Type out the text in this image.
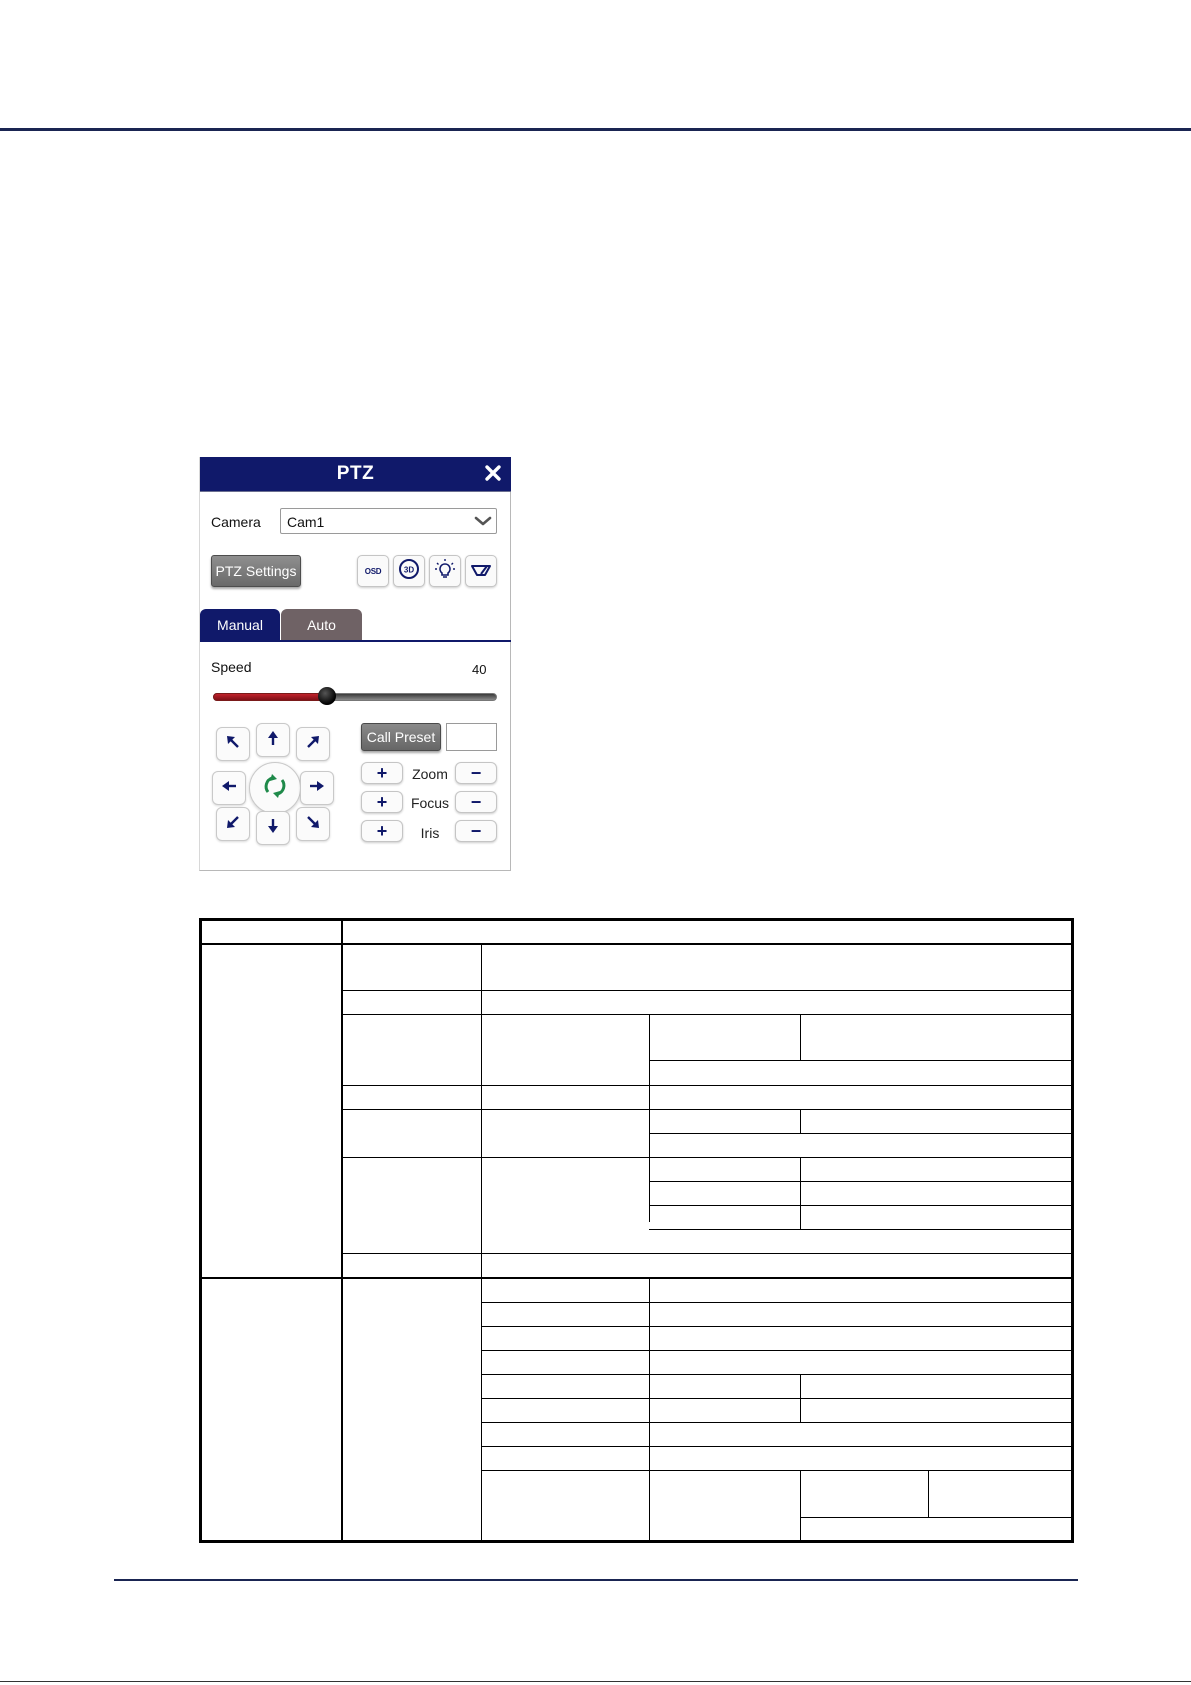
PTZ
Camera Cam1
PTZ Settings	OSD	3D
Manual	Auto
Speed	40
Call Preset
+	Zoom	−
+	Focus	−
+	Iris	−
